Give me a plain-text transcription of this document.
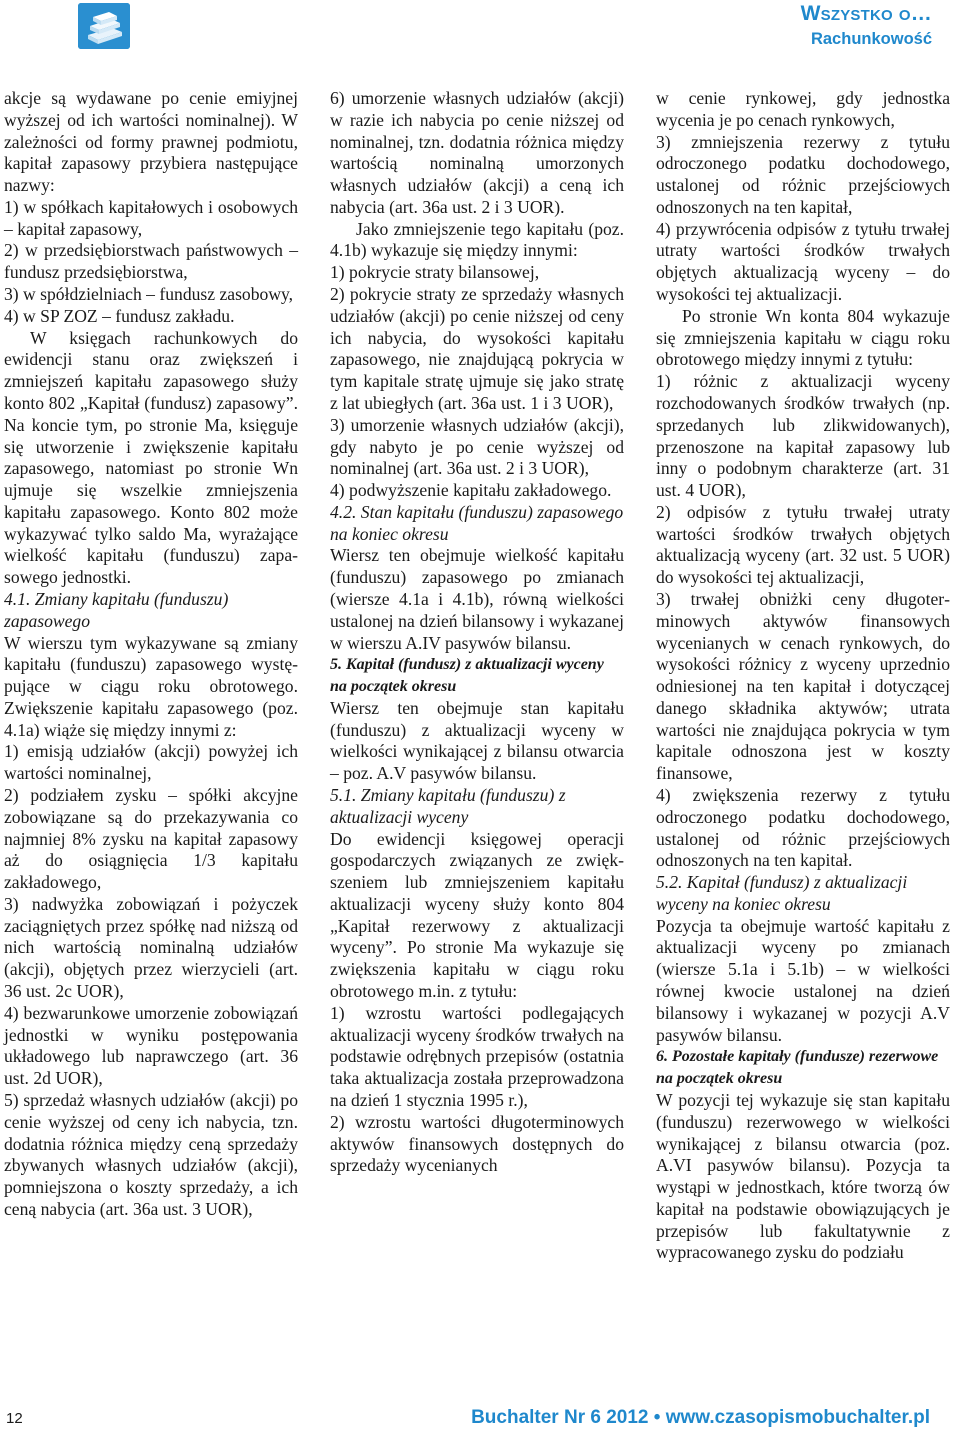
Wszystko o…
Rachunkowość

akcje są wydawane po cenie emiyjnej wyższej od ich wartości nominalnej). W zależności od formy prawnej podmiotu, kapitał zapasowy przybiera następujące nazwy:

1) w spółkach kapitałowych i osobowych – kapitał zapasowy,

2) w przedsiębiorstwach państwowych – fundusz przedsiębiorstwa,

3) w spółdzielniach – fundusz zasobowy,

4) w SP ZOZ – fundusz zakładu.

W księgach rachunkowych do ewidencji stanu oraz zwiększeń i zmniejszeń kapitału zapasowego służy konto 802 „Kapitał (fundusz) zapasowy”. Na koncie tym, po stronie Ma, księguje się utworzenie i zwiększenie kapitału zapasowego, natomiast po stronie Wn ujmuje się wszelkie zmniejszenia kapitału zapasowego. Konto 802 może wykazywać tylko saldo Ma, wyrażające wielkość kapitału (funduszu) zapasowego jednostki.

4.1. Zmiany kapitału (funduszu) zapasowego

W wierszu tym wykazywane są zmiany kapitału (funduszu) zapasowego występujące w ciągu roku obrotowego. Zwiększenie kapitału zapasowego (poz. 4.1a) wiąże się między innymi z:

1) emisją udziałów (akcji) powyżej ich wartości nominalnej,

2) podziałem zysku – spółki akcyjne zobowiązane są do przekazywania co najmniej 8% zysku na kapitał zapasowy aż do osiągnięcia 1/3 kapitału zakładowego,

3) nadwyżka zobowiązań i pożyczek zaciągniętych przez spółkę nad niższą od nich wartością nominalną udziałów (akcji), objętych przez wierzycieli (art. 36 ust. 2c UOR),

4) bezwarunkowe umorzenie zobowiązań jednostki w wyniku postępowania układowego lub naprawczego (art. 36 ust. 2d UOR),

5) sprzedaż własnych udziałów (akcji) po cenie wyższej od ceny ich nabycia, tzn. dodatnia różnica między ceną sprzedaży zbywanych własnych udziałów (akcji), pomniejszona o koszty sprzedaży, a ich ceną nabycia (art. 36a ust. 3 UOR),

6) umorzenie własnych udziałów (akcji) w razie ich nabycia po cenie niższej od nominalnej, tzn. dodatnia różnica między wartością nominalną umorzonych własnych udziałów (akcji) a ceną ich nabycia (art. 36a ust. 2 i 3 UOR).

Jako zmniejszenie tego kapitału (poz. 4.1b) wykazuje się między innymi:

1) pokrycie straty bilansowej,

2) pokrycie straty ze sprzedaży własnych udziałów (akcji) po cenie niższej od ceny ich nabycia, do wysokości kapitału zapasowego, nie znajdującą pokrycia w tym kapitale stratę ujmuje się jako stratę z lat ubiegłych (art. 36a ust. 1 i 3 UOR),

3) umorzenie własnych udziałów (akcji), gdy nabyto je po cenie wyższej od nominalnej (art. 36a ust. 2 i 3 UOR),

4) podwyższenie kapitału zakładowego.

4.2. Stan kapitału (funduszu) zapasowego na koniec okresu

Wiersz ten obejmuje wielkość kapitału (funduszu) zapasowego po zmianach (wiersze 4.1a i 4.1b), równą wielkości ustalonej na dzień bilansowy i wykazanej w wierszu A.IV pasywów bilansu.

5. Kapitał (fundusz) z aktualizacji wyceny na początek okresu

Wiersz ten obejmuje stan kapitału (funduszu) z aktualizacji wyceny w wielkości wynikającej z bilansu otwarcia – poz. A.V pasywów bilansu.

5.1. Zmiany kapitału (funduszu) z aktualizacji wyceny

Do ewidencji księgowej operacji gospodarczych związanych ze zwiększeniem lub zmniejszeniem kapitału aktualizacji wyceny służy konto 804 „Kapitał rezerwowy z aktualizacji wyceny”. Po stronie Ma wykazuje się zwiększenia kapitału w ciągu roku obrotowego m.in. z tytułu:

1) wzrostu wartości podlegających aktualizacji wyceny środków trwałych na podstawie odrębnych przepisów (ostatnia taka aktualizacja została przeprowadzona na dzień 1 stycznia 1995 r.),

2) wzrostu wartości długoterminowych aktywów finansowych dostępnych do sprzedaży wycenianych

w cenie rynkowej, gdy jednostka wycenia je po cenach rynkowych,

3) zmniejszenia rezerwy z tytułu odroczonego podatku dochodowego, ustalonej od różnic przejściowych odnoszonych na ten kapitał,

4) przywrócenia odpisów z tytułu trwałej utraty wartości środków trwałych objętych aktualizacją wyceny – do wysokości tej aktualizacji.

Po stronie Wn konta 804 wykazuje się zmniejszenia kapitału w ciągu roku obrotowego między innymi z tytułu:

1) różnic z aktualizacji wyceny rozchodowanych środków trwałych (np. sprzedanych lub zlikwidowanych), przenoszone na kapitał zapasowy lub inny o podobnym charakterze (art. 31 ust. 4 UOR),

2) odpisów z tytułu trwałej utraty wartości środków trwałych objętych aktualizacją wyceny (art. 32 ust. 5 UOR) do wysokości tej aktualizacji,

3) trwałej obniżki ceny długoterminowych aktywów finansowych wycenianych w cenach rynkowych, do wysokości różnicy z wyceny uprzednio odniesionej na ten kapitał i dotyczącej danego składnika aktywów; utrata wartości nie znajdująca pokrycia w tym kapitale odnoszona jest w koszty finansowe,

4) zwiększenia rezerwy z tytułu odroczonego podatku dochodowego, ustalonej od różnic przejściowych odnoszonych na ten kapitał.

5.2. Kapitał (fundusz) z aktualizacji wyceny na koniec okresu

Pozycja ta obejmuje wartość kapitału z aktualizacji wyceny po zmianach (wiersze 5.1a i 5.1b) – w wielkości równej kwocie ustalonej na dzień bilansowy i wykazanej w pozycji A.V pasywów bilansu.

6. Pozostałe kapitały (fundusze) rezerwowe na początek okresu

W pozycji tej wykazuje się stan kapitału (funduszu) rezerwowego w wielkości wynikającej z bilansu otwarcia (poz. A.VI pasywów bilansu). Pozycja ta wystąpi w jednostkach, które tworzą ów kapitał na podstawie obowiązujących je przepisów lub fakultatywnie z wypracowanego zysku do podziału

12	Buchalter Nr 6 2012 • www.czasopismobuchalter.pl
